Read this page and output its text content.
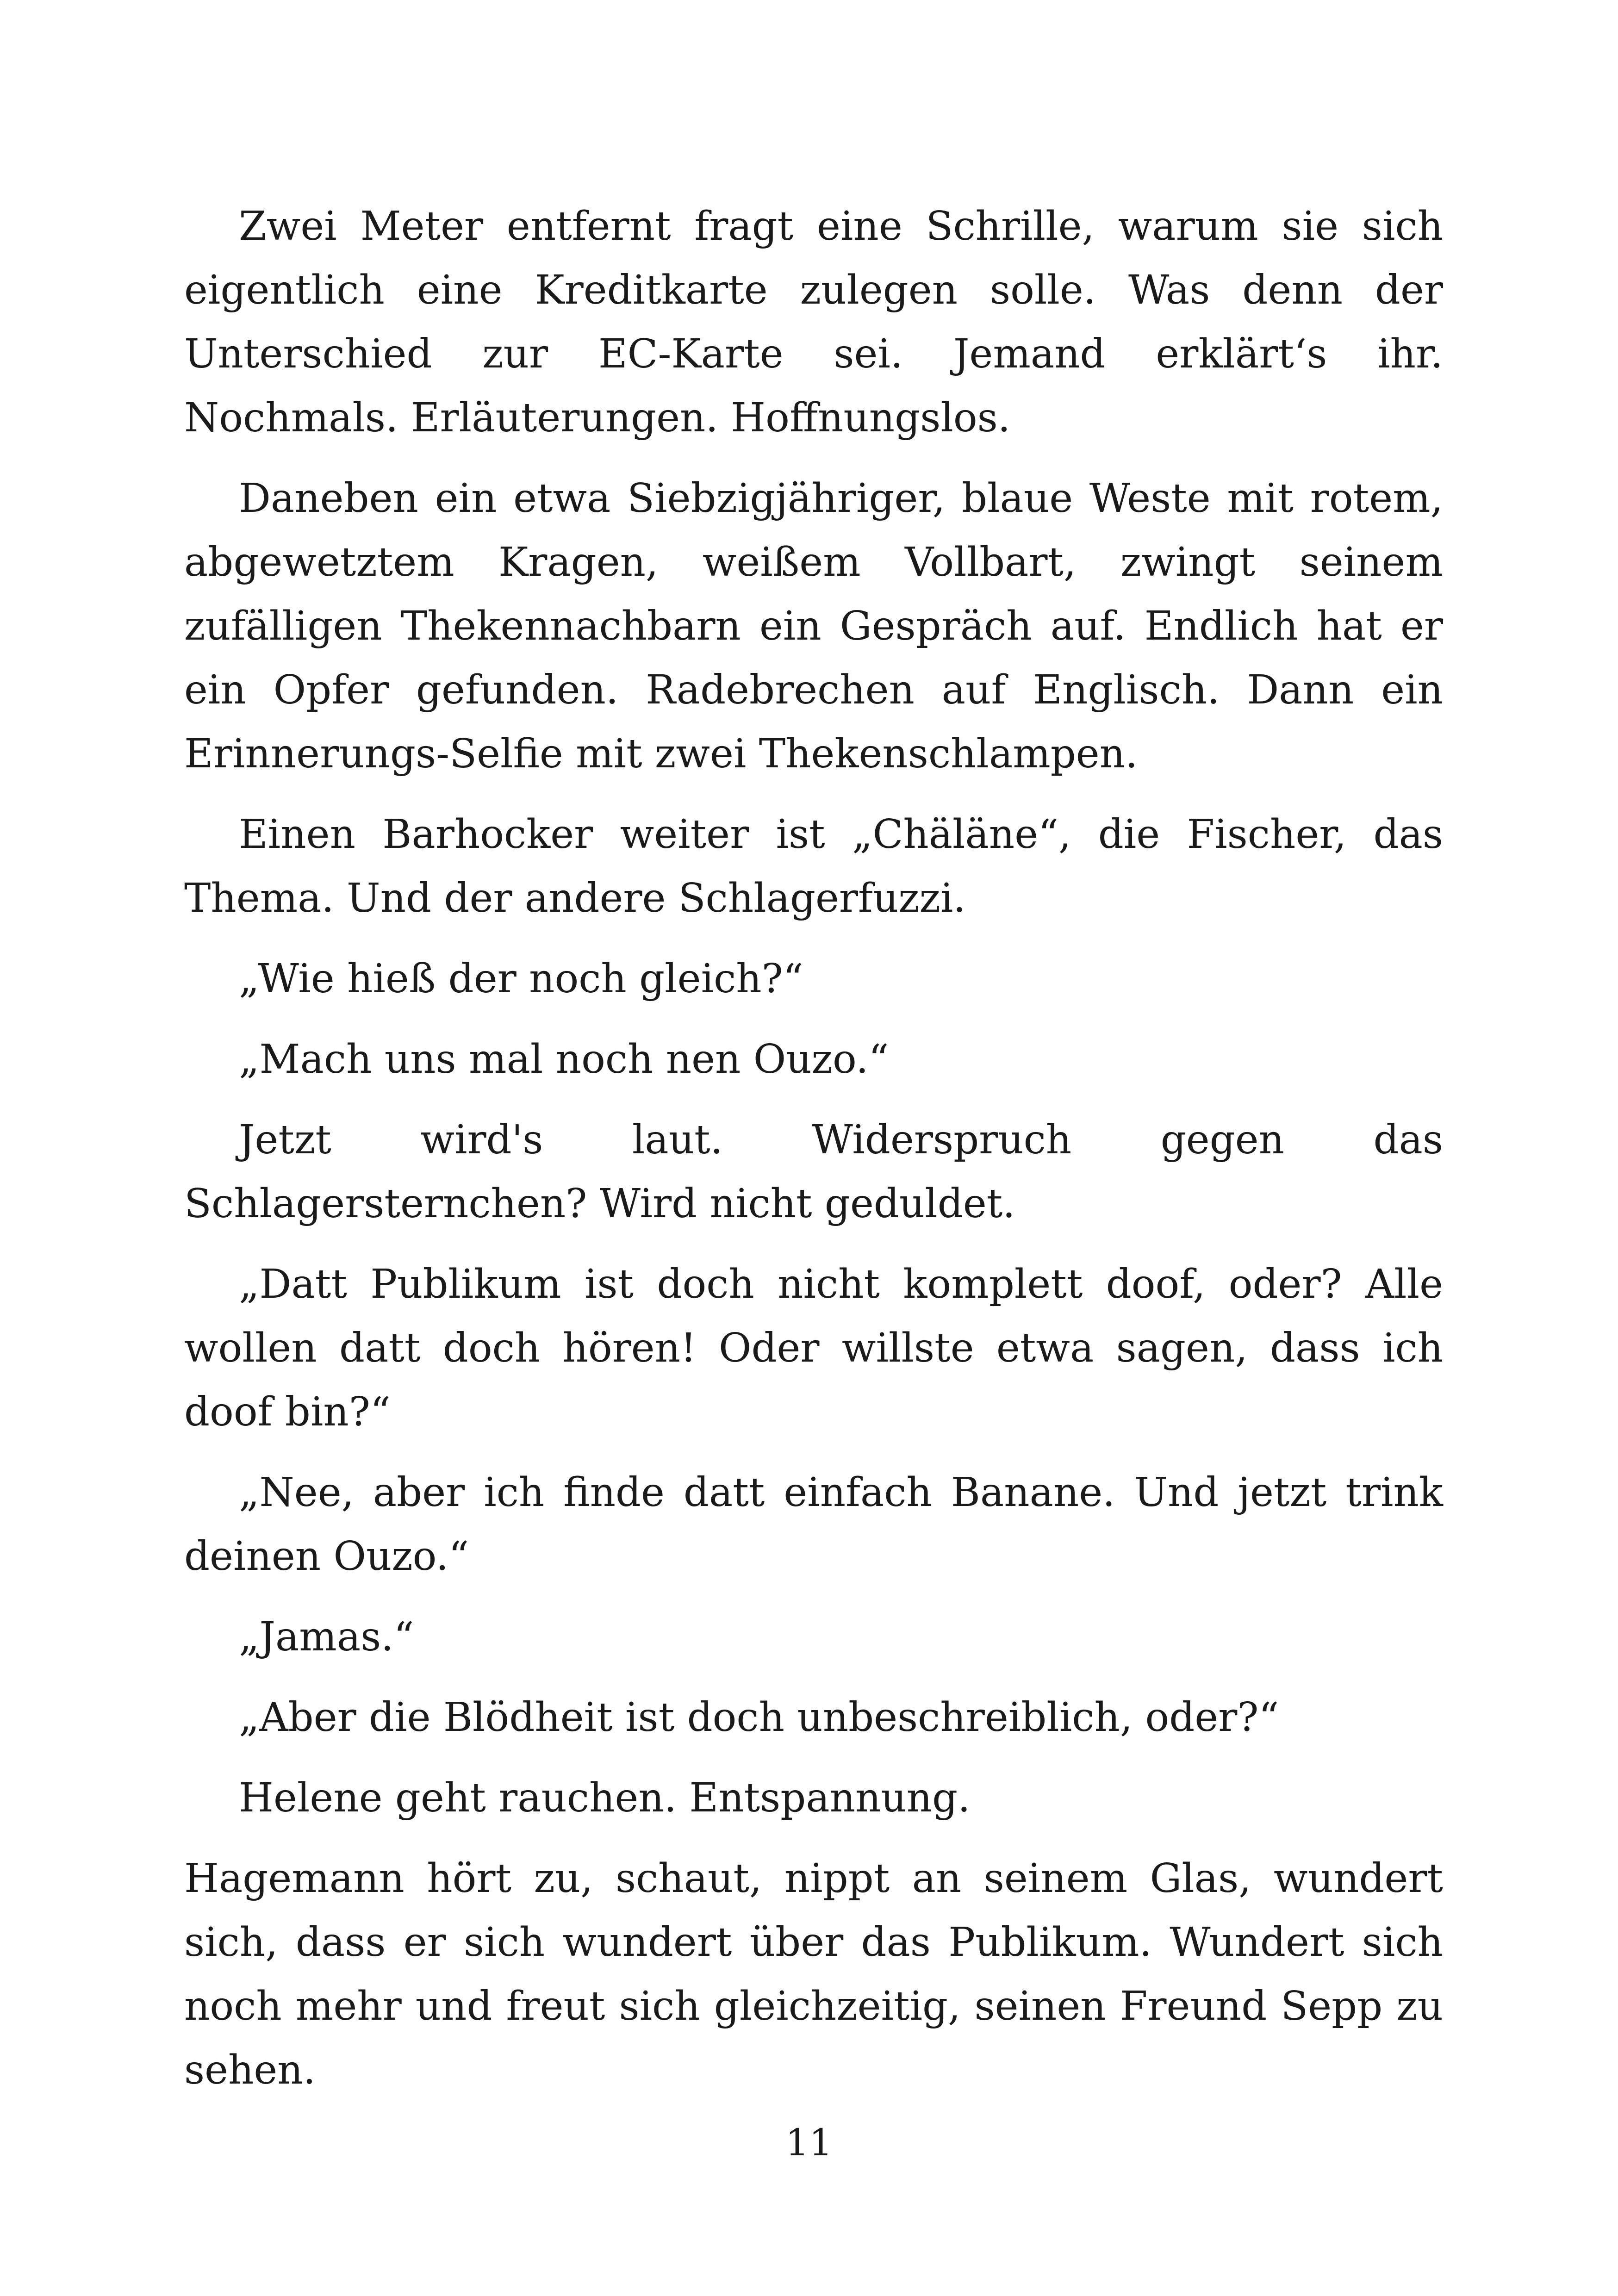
Zwei Meter entfernt fragt eine Schrille, warum sie sich eigentlich eine Kreditkarte zulegen solle. Was denn der Unterschied zur EC-Karte sei. Jemand erklärt‘s ihr. Nochmals. Erläuterungen. Hoffnungslos.

Daneben ein etwa Siebzigjähriger, blaue Weste mit rotem, abgewetztem Kragen, weißem Vollbart, zwingt seinem zufälligen Thekennachbarn ein Gespräch auf. Endlich hat er ein Opfer gefunden. Radebrechen auf Englisch. Dann ein Erinnerungs-Selfie mit zwei Thekenschlampen.

Einen Barhocker weiter ist „Chäläne“, die Fischer, das Thema. Und der andere Schlagerfuzzi.

„Wie hieß der noch gleich?“

„Mach uns mal noch nen Ouzo.“

Jetzt wird's laut. Widerspruch gegen das Schlagersternchen? Wird nicht geduldet.

„Datt Publikum ist doch nicht komplett doof, oder? Alle wollen datt doch hören! Oder willste etwa sagen, dass ich doof bin?“

„Nee, aber ich finde datt einfach Banane. Und jetzt trink deinen Ouzo.“

„Jamas.“

„Aber die Blödheit ist doch unbeschreiblich, oder?“

Helene geht rauchen. Entspannung.

Hagemann hört zu, schaut, nippt an seinem Glas, wundert sich, dass er sich wundert über das Publikum. Wundert sich noch mehr und freut sich gleichzeitig, seinen Freund Sepp zu sehen.

11
